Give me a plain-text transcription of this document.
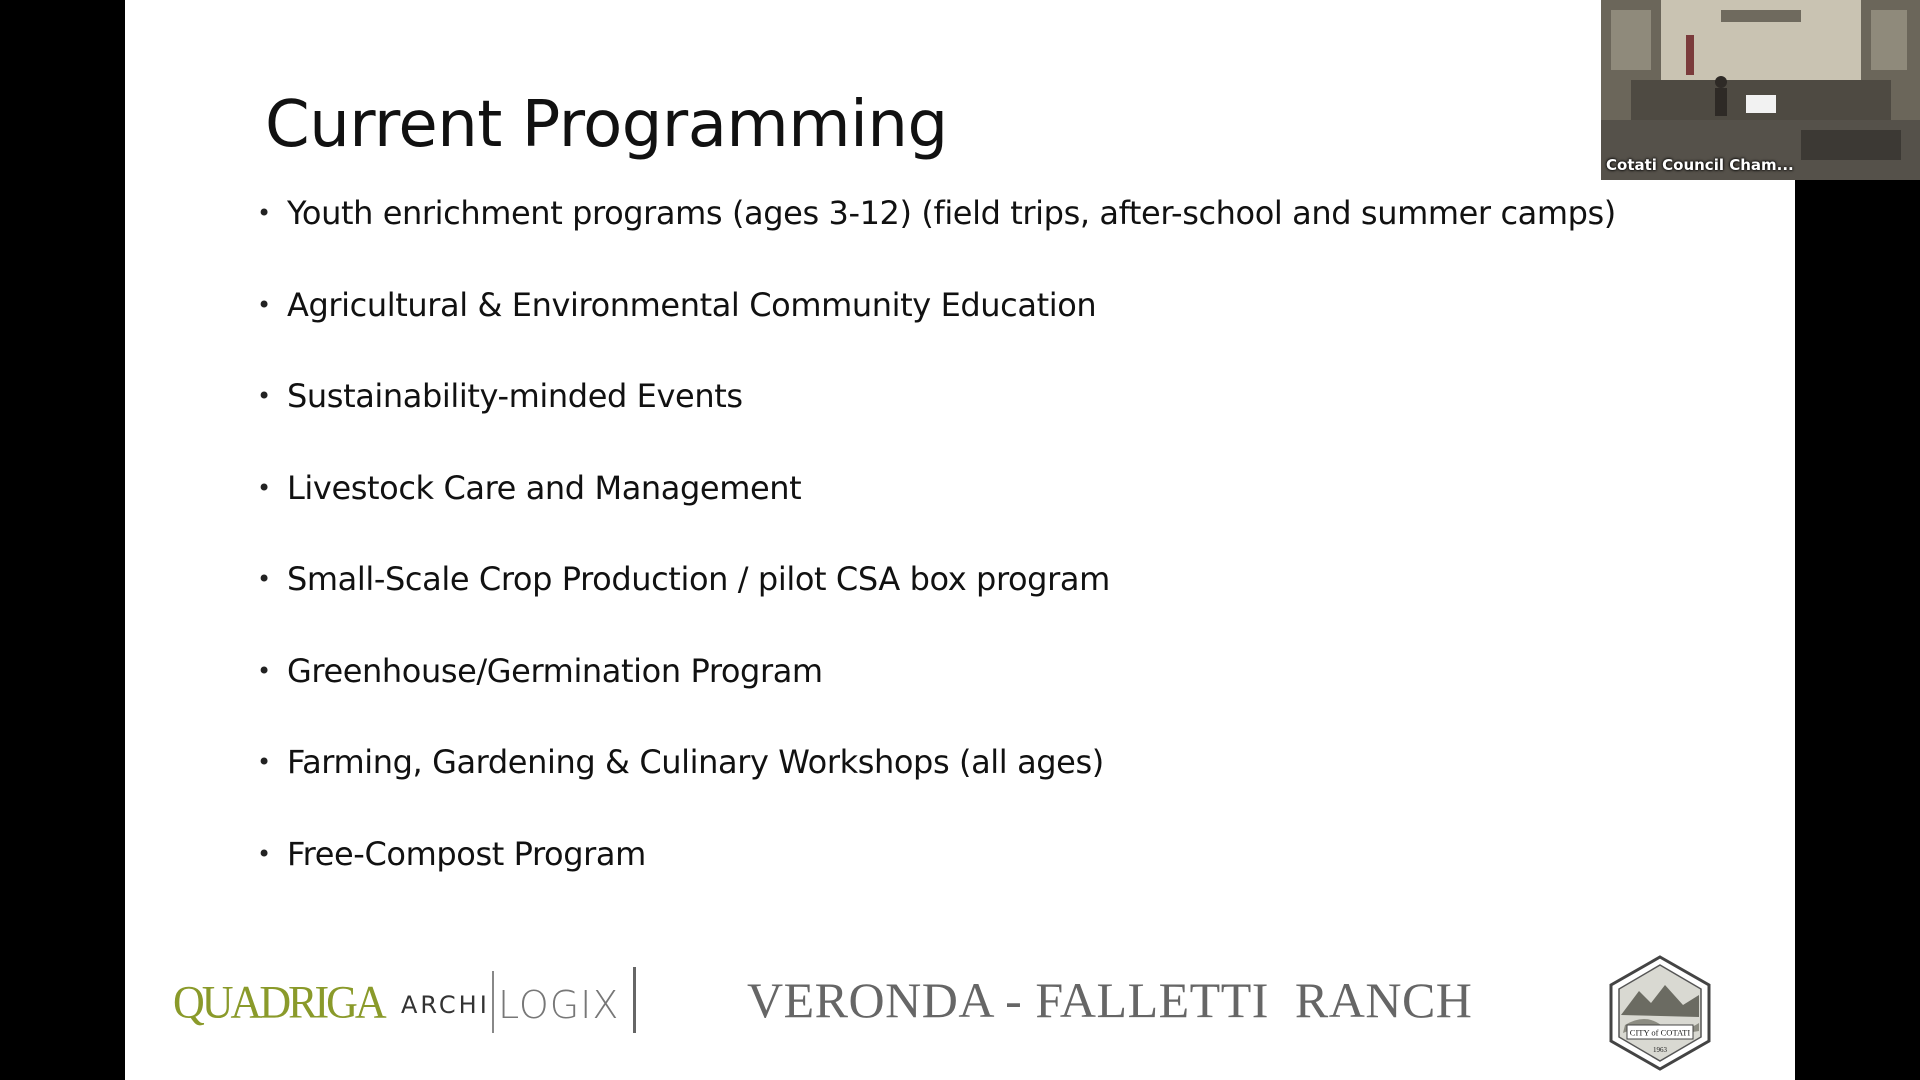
Current Programming
• Youth enrichment programs (ages 3-12) (field trips, after-school and summer camps)
• Agricultural & Environmental Community Education
• Sustainability-minded Events
• Livestock Care and Management
• Small-Scale Crop Production / pilot CSA box program
• Greenhouse/Germination Program
• Farming, Gardening & Culinary Workshops (all ages)
• Free-Compost Program
QUADRIGA ARCHI LOGIX	VERONDA - FALLETTI  RANCH
CITY of COTATI
1963
Cotati Council Cham...
